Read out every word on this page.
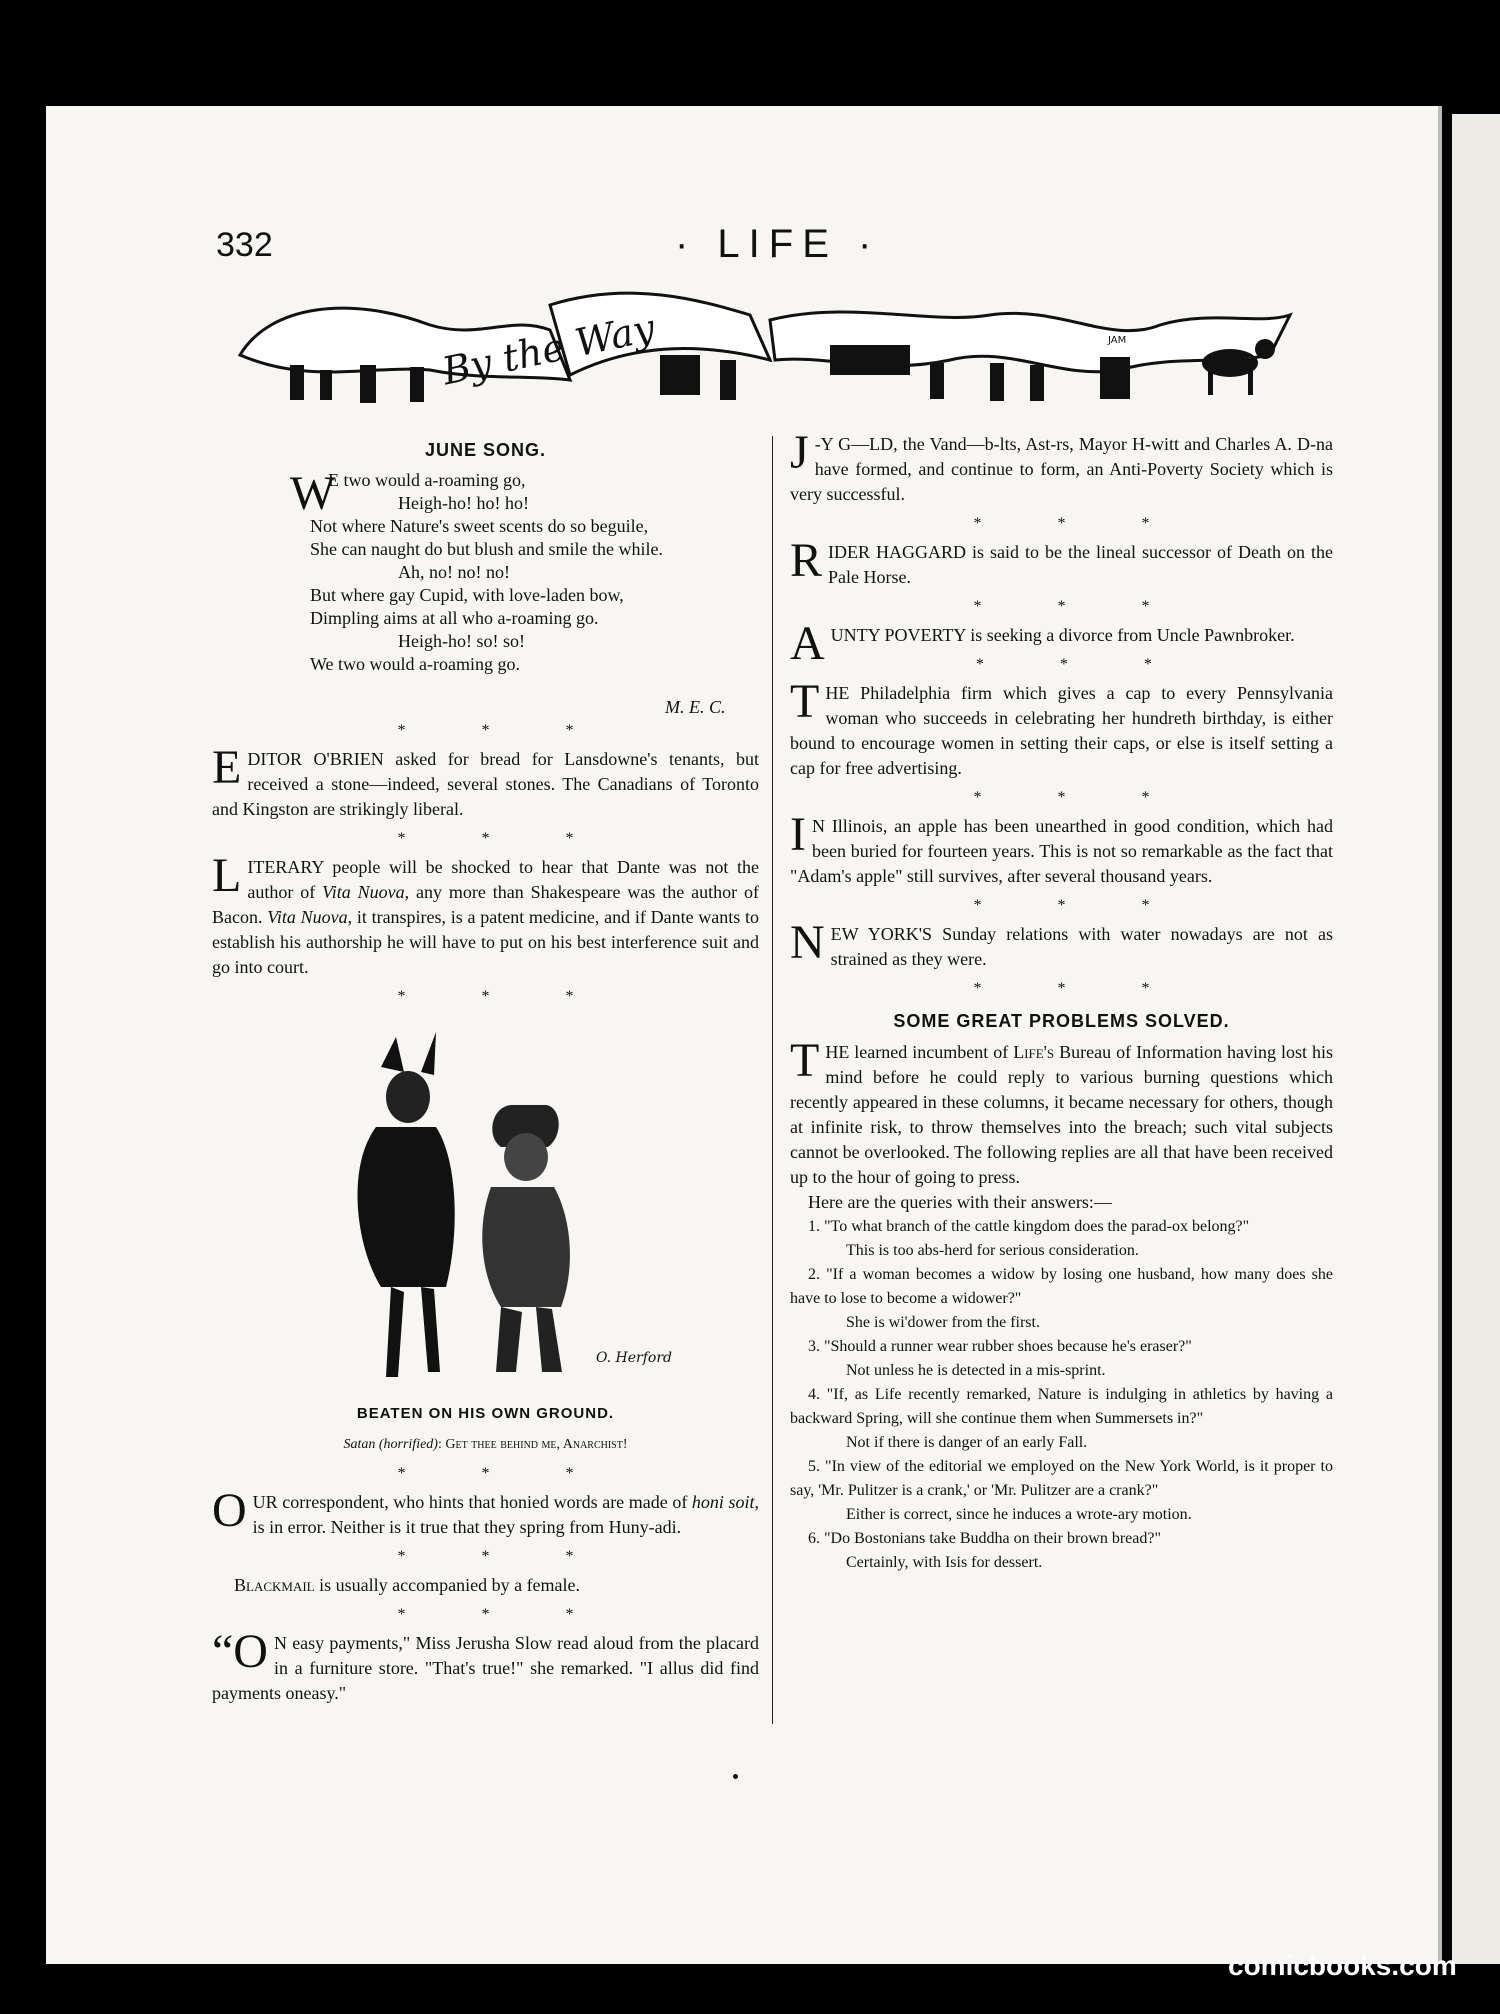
332	· LIFE ·
By the Way	JAM
JUNE SONG.
W
E two would a-roaming go,
Heigh-ho! ho! ho!
Not where Nature's sweet scents do so beguile,
She can naught do but blush and smile the while.
Ah, no! no! no!
But where gay Cupid, with love-laden bow,
Dimpling aims at all who a-roaming go.
Heigh-ho! so! so!
We two would a-roaming go.
M. E. C.
* * *

EDITOR O'BRIEN asked for bread for Lansdowne's tenants, but received a stone—indeed, several stones. The Canadians of Toronto and Kingston are strikingly liberal.

* * *

LITERARY people will be shocked to hear that Dante was not the author of Vita Nuova, any more than Shakespeare was the author of Bacon. Vita Nuova, it transpires, is a patent medicine, and if Dante wants to establish his authorship he will have to put on his best interference suit and go into court.

* * *
O. Herford
BEATEN ON HIS OWN GROUND.
Satan (horrified): Get thee behind me, Anarchist!
* * *

OUR correspondent, who hints that honied words are made of honi soit, is in error. Neither is it true that they spring from Huny-adi.

* * *

Blackmail is usually accompanied by a female.

* * *

“O N easy payments," Miss Jerusha Slow read aloud from the placard in a furniture store. "That's true!" she remarked. "I allus did find payments oneasy."

J -Y G—LD, the Vand—b-lts, Ast-rs, Mayor H-witt and Charles A. D-na have formed, and continue to form, an Anti-Poverty Society which is very successful.

* * *

RIDER HAGGARD is said to be the lineal successor of Death on the Pale Horse.

* * *

AUNTY POVERTY is seeking a divorce from Uncle Pawnbroker.

* * *

THE Philadelphia firm which gives a cap to every Pennsylvania woman who succeeds in celebrating her hundreth birthday, is either bound to encourage women in setting their caps, or else is itself setting a cap for free advertising.

* * *

I N Illinois, an apple has been unearthed in good condition, which had been buried for fourteen years. This is not so remarkable as the fact that "Adam's apple" still survives, after several thousand years.

* * *

NEW YORK'S Sunday relations with water nowadays are not as strained as they were.

* * *
SOME GREAT PROBLEMS SOLVED.

THE learned incumbent of Life's Bureau of Information having lost his mind before he could reply to various burning questions which recently appeared in these columns, it became necessary for others, though at infinite risk, to throw themselves into the breach; such vital subjects cannot be overlooked. The following replies are all that have been received up to the hour of going to press.

Here are the queries with their answers:—

1. "To what branch of the cattle kingdom does the parad-ox belong?"
This is too abs-herd for serious consideration.
2. "If a woman becomes a widow by losing one husband, how many does she have to lose to become a widower?"
She is wi'dower from the first.
3. "Should a runner wear rubber shoes because he's eraser?"
Not unless he is detected in a mis-sprint.
4. "If, as Life recently remarked, Nature is indulging in athletics by having a backward Spring, will she continue them when Summersets in?"
Not if there is danger of an early Fall.
5. "In view of the editorial we employed on the New York World, is it proper to say, 'Mr. Pulitzer is a crank,' or 'Mr. Pulitzer are a crank?"
Either is correct, since he induces a wrote-ary motion.
6. "Do Bostonians take Buddha on their brown bread?"
Certainly, with Isis for dessert.
comicbooks.com
